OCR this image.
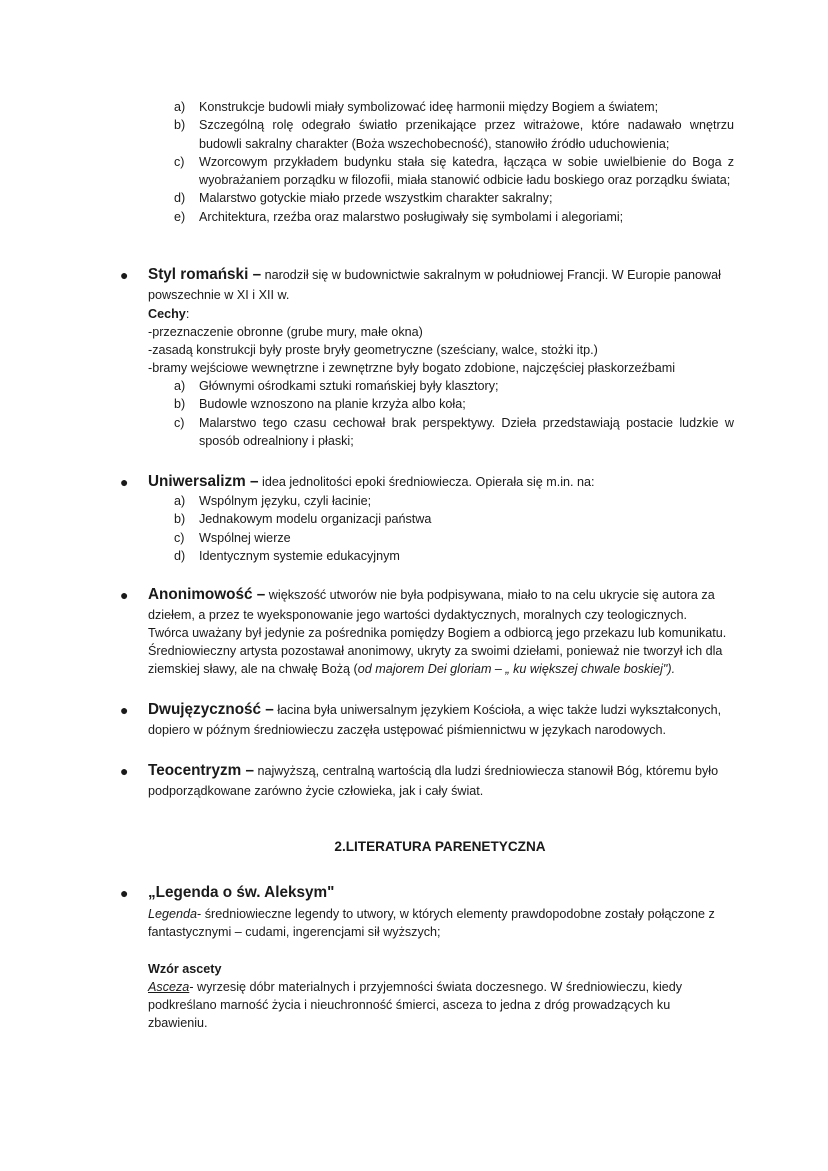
a)	Konstrukcje budowli miały symbolizować ideę harmonii między Bogiem a światem;
b)	Szczególną rolę odegrało światło przenikające przez witrażowe, które nadawało wnętrzu budowli sakralny charakter (Boża wszechobecność), stanowiło źródło uduchowienia;
c)	Wzorcowym przykładem budynku stała się katedra, łącząca w sobie uwielbienie do Boga z wyobrażaniem porządku w filozofii, miała stanowić odbicie ładu boskiego oraz porządku świata;
d)	Malarstwo gotyckie miało przede wszystkim charakter sakralny;
e)	Architektura, rzeźba oraz malarstwo posługiwały się symbolami i alegoriami;
● Styl romański – narodził się w budownictwie sakralnym w południowej Francji. W Europie panował
powszechnie w XI i XII w.
Cechy:
-przeznaczenie obronne (grube mury, małe okna)
-zasadą konstrukcji były proste bryły geometryczne (sześciany, walce, stożki itp.)
-bramy wejściowe wewnętrzne i zewnętrzne były bogato zdobione, najczęściej płaskorzeźbami
a)	Głównymi ośrodkami sztuki romańskiej były klasztory;
b)	Budowle wznoszono na planie krzyża albo koła;
c)	Malarstwo tego czasu cechował brak perspektywy. Dzieła przedstawiają postacie ludzkie w sposób odrealniony i płaski;
● Uniwersalizm – idea jednolitości epoki średniowiecza. Opierała się m.in. na:
a)	Wspólnym języku, czyli łacinie;
b)	Jednakowym modelu organizacji państwa
c)	Wspólnej wierze
d)	Identycznym systemie edukacyjnym
● Anonimowość – większość utworów nie była podpisywana, miało to na celu ukrycie się autora za
dziełem, a przez te wyeksponowanie jego wartości dydaktycznych, moralnych czy teologicznych.
Twórca uważany był jedynie za pośrednika pomiędzy Bogiem a odbiorcą jego przekazu lub komunikatu.
Średniowieczny artysta pozostawał anonimowy, ukryty za swoimi dziełami, ponieważ nie tworzył ich dla
ziemskiej sławy, ale na chwałę Bożą (od majorem Dei gloriam – „ ku większej chwale boskiej").
● Dwujęzyczność – łacina była uniwersalnym językiem Kościoła, a więc także ludzi wykształconych,
dopiero w późnym średniowieczu zaczęła ustępować piśmiennictwu w językach narodowych.
● Teocentryzm – najwyższą, centralną wartością dla ludzi średniowiecza stanowił Bóg, któremu było
podporządkowane zarówno życie człowieka, jak i cały świat.
2.LITERATURA PARENETYCZNA
● „Legenda o św. Aleksym"
Legenda- średniowieczne legendy to utwory, w których elementy prawdopodobne zostały połączone z
fantastycznymi – cudami, ingerencjami sił wyższych;
Wzór ascety
Asceza- wyrzesię dóbr materialnych i przyjemności świata doczesnego. W średniowieczu, kiedy
podkreślano marność życia i nieuchronność śmierci, asceza to jedna z dróg prowadzących ku
zbawieniu.
